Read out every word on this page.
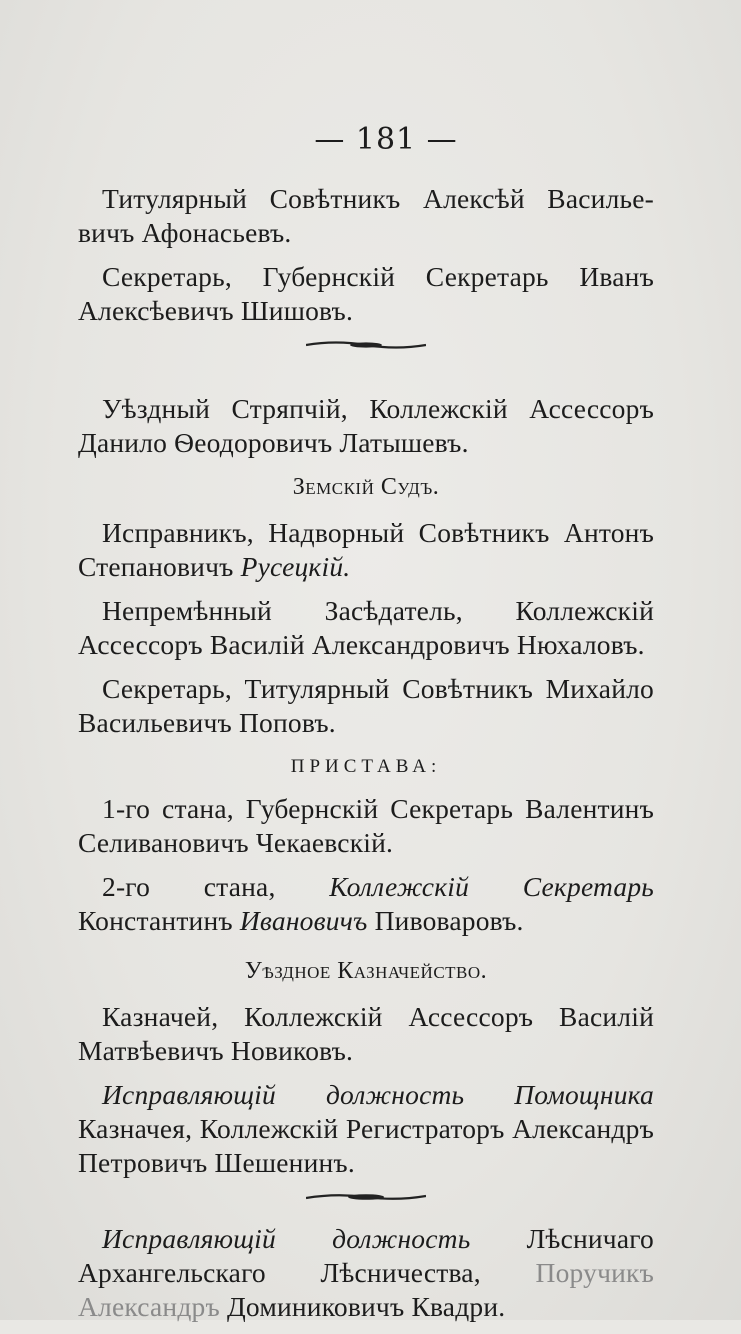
— 181 —

Титулярный Совѣтникъ Алексѣй Василье-вичъ Афонасьевъ.

Секретарь, Губернскій Секретарь Иванъ Алексѣевичъ Шишовъ.

Уѣздный Стряпчій, Коллежскій Ассессоръ Данило Ѳеодоровичъ Латышевъ.

Земскій Судъ.

Исправникъ, Надворный Совѣтникъ Антонъ Степановичъ Русецкій.

Непремѣнный Засѣдатель, Коллежскій Ассессоръ Василій Александровичъ Нюхаловъ.

Секретарь, Титулярный Совѣтникъ Михайло Васильевичъ Поповъ.

ПРИСТАВА:

1-го стана, Губернскій Секретарь Валентинъ Селивановичъ Чекаевскій.

2-го стана, Коллежскій Секретарь Константинъ Ивановичъ Пивоваровъ.

Уѣздное Казначейство.

Казначей, Коллежскій Ассессоръ Василій Матвѣевичъ Новиковъ.

Исправляющій должность Помощника Казначея, Коллежскій Регистраторъ Александръ Петровичъ Шешенинъ.

Исправляющій должность Лѣсничаго Архангельскаго Лѣсничества, Поручикъ Александръ Доминиковичъ Квадри.
